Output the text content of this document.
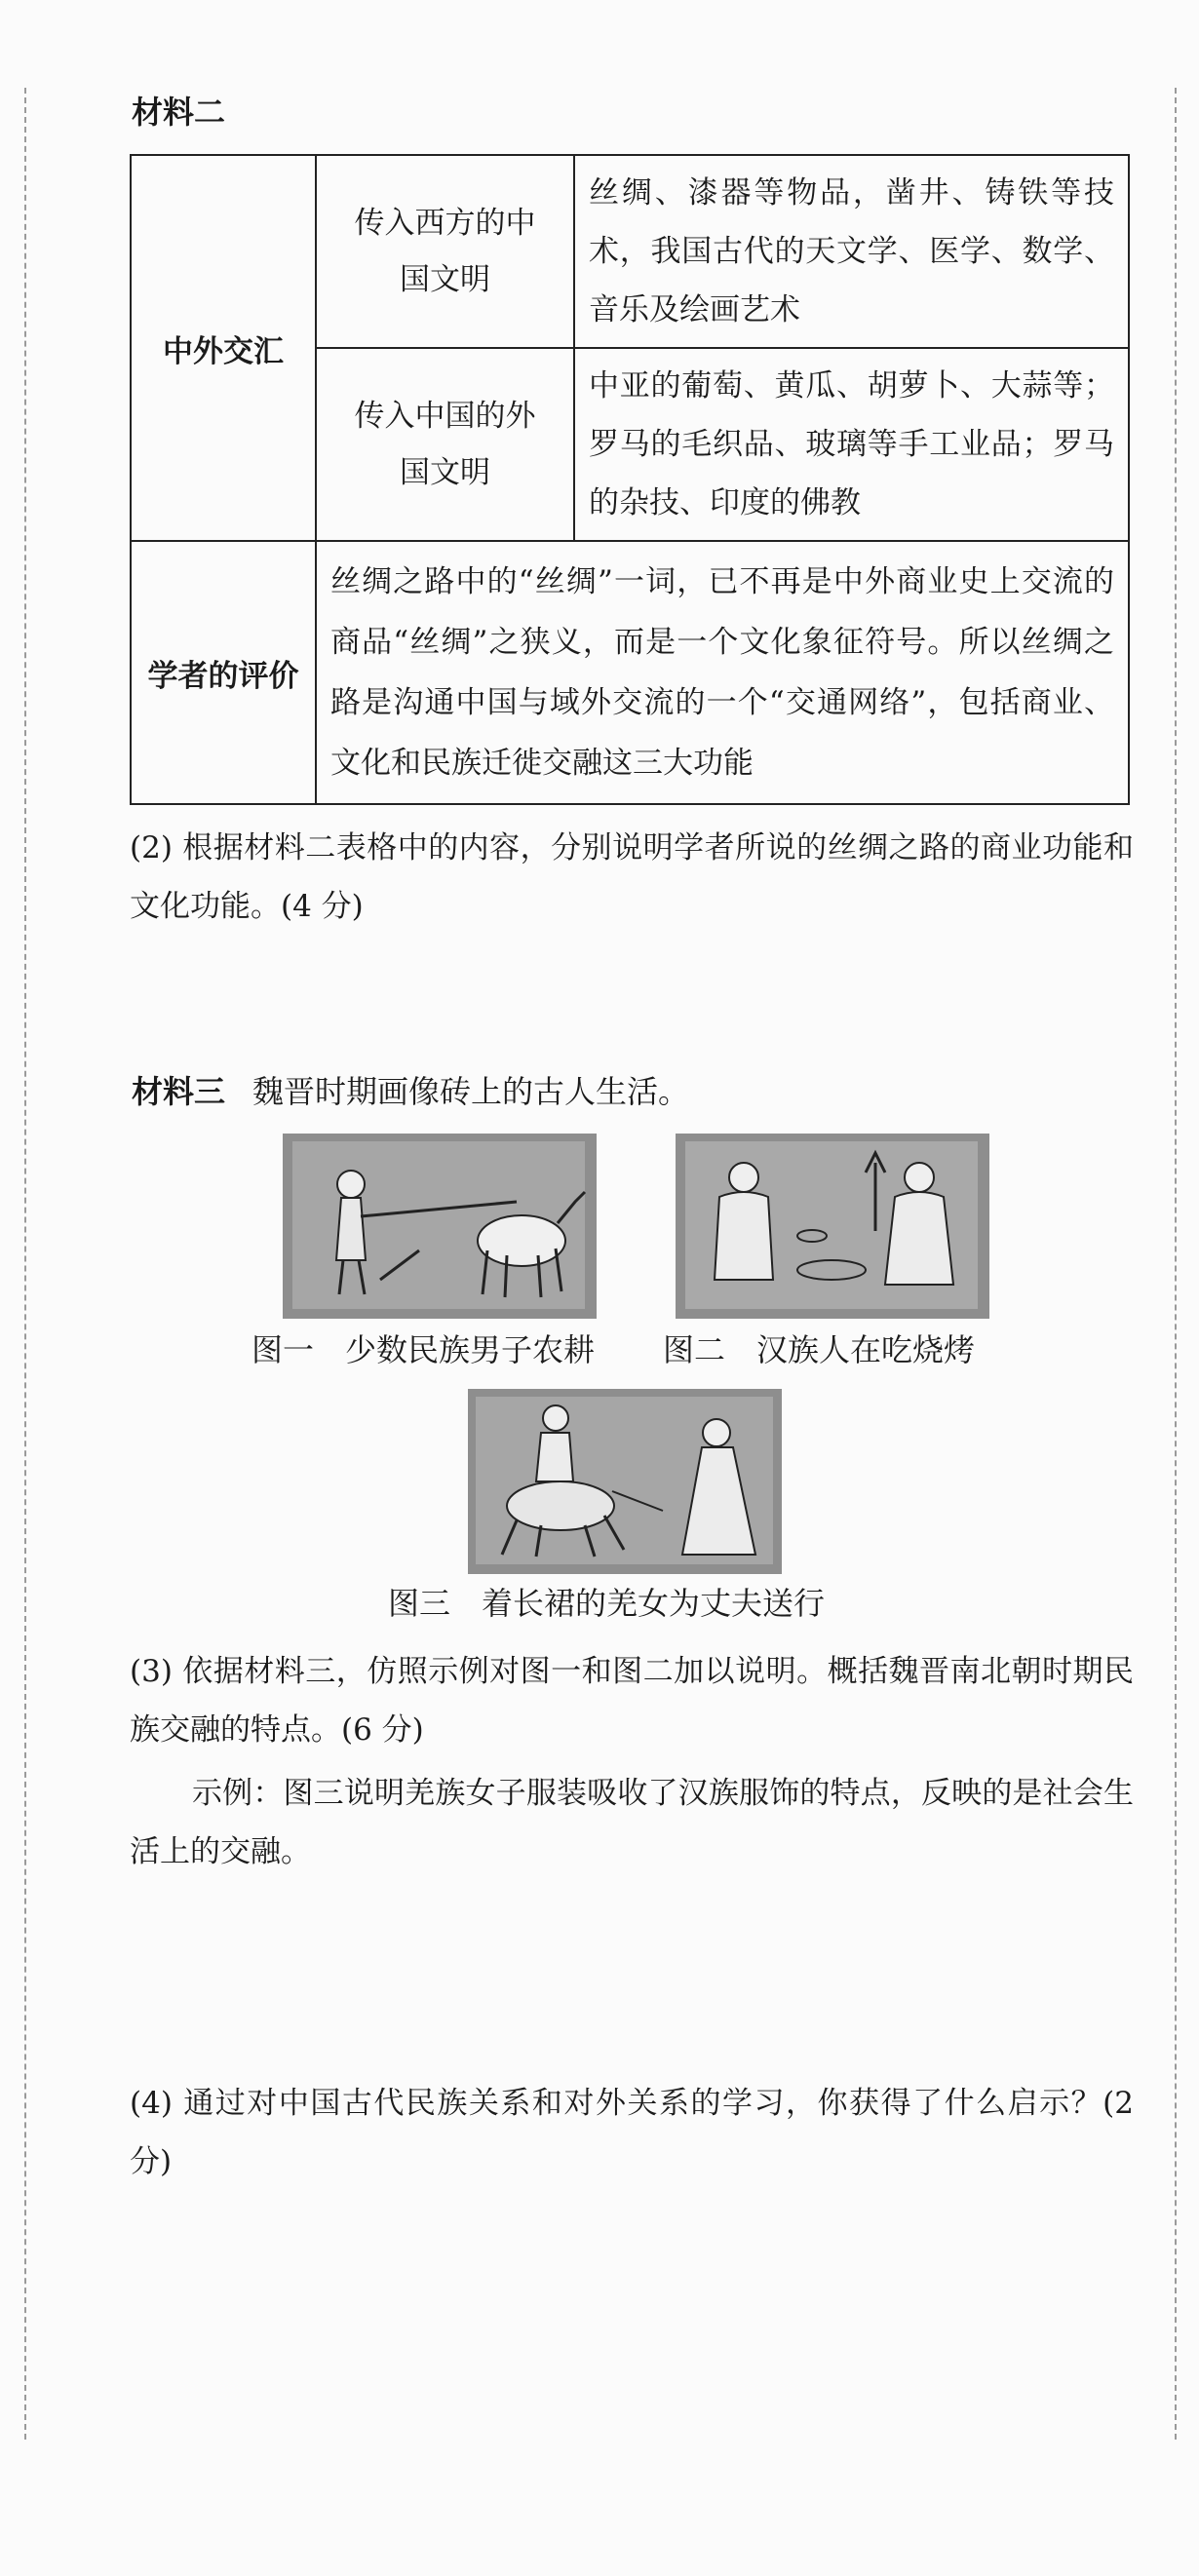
材料二
中外交汇	传入西方的中国文明	丝绸、漆器等物品，凿井、铸铁等技术，我国古代的天文学、医学、数学、音乐及绘画艺术

	传入中国的外国文明	中亚的葡萄、黄瓜、胡萝卜、大蒜等；罗马的毛织品、玻璃等手工业品；罗马的杂技、印度的佛教
学者的评价	丝绸之路中的“丝绸”一词，已不再是中外商业史上交流的商品“丝绸”之狭义，而是一个文化象征符号。所以丝绸之路是沟通中国与域外交流的一个“交通网络”，包括商业、文化和民族迁徙交融这三大功能	
(2) 根据材料二表格中的内容，分别说明学者所说的丝绸之路的商业功能和文化功能。(4 分)
材料三 魏晋时期画像砖上的古人生活。
图一　少数民族男子农耕 图二　汉族人在吃烧烤
图三　着长裙的羌女为丈夫送行
(3) 依据材料三，仿照示例对图一和图二加以说明。概括魏晋南北朝时期民族交融的特点。(6 分)
示例：图三说明羌族女子服装吸收了汉族服饰的特点，反映的是社会生活上的交融。
(4) 通过对中国古代民族关系和对外关系的学习，你获得了什么启示？(2 分)
